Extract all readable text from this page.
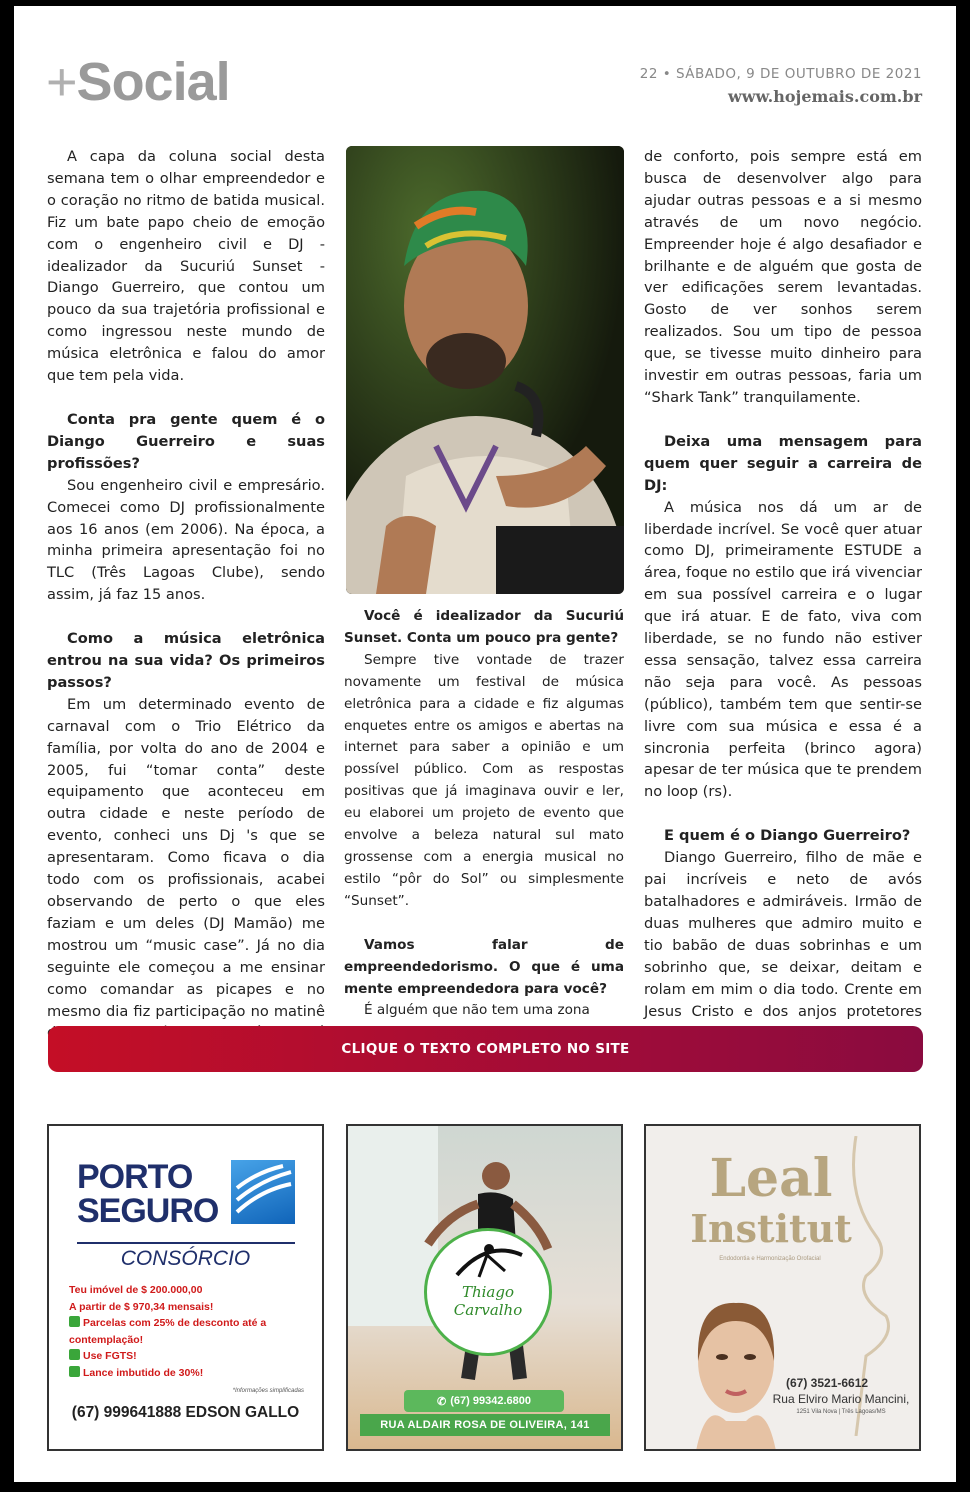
+Social	22 • SÁBADO, 9 DE OUTUBRO DE 2021
www.hojemais.com.br

A capa da coluna social desta semana tem o olhar empreendedor e o coração no ritmo de batida musical. Fiz um bate papo cheio de emoção com o engenheiro civil e DJ - idealizador da Sucuriú Sunset - Diango Guerreiro, que contou um pouco da sua trajetória profissional e como ingressou neste mundo de música eletrônica e falou do amor que tem pela vida.

Conta pra gente quem é o Diango Guerreiro e suas profissões?

Sou engenheiro civil e empresário. Comecei como DJ profissionalmente aos 16 anos (em 2006). Na época, a minha primeira apresentação foi no TLC (Três Lagoas Clube), sendo assim, já faz 15 anos.

Como a música eletrônica entrou na sua vida? Os primeiros passos?

Em um determinado evento de carnaval com o Trio Elétrico da família, por volta do ano de 2004 e 2005, fui “tomar conta” deste equipamento que aconteceu em outra cidade e neste período de evento, conheci uns Dj 's que se apresentaram. Como ficava o dia todo com os profissionais, acabei observando de perto o que eles faziam e um deles (DJ Mamão) me mostrou um “music case”. Já no dia seguinte ele começou a me ensinar como comandar as picapes e no mesmo dia fiz participação no matinê

Você é idealizador da Sucuriú Sunset. Conta um pouco pra gente?

Sempre tive vontade de trazer novamente um festival de música eletrônica para a cidade e fiz algumas enquetes entre os amigos e abertas na internet para saber a opinião e um possível público. Com as respostas positivas que já imaginava ouvir e ler, eu elaborei um projeto de evento que envolve a beleza natural sul mato grossense com a energia musical no estilo “pôr do Sol” ou simplesmente “Sunset”.

Vamos falar de empreendedorismo. O que é uma mente empreendedora para você?

É alguém que não tem uma zona

de conforto, pois sempre está em busca de desenvolver algo para ajudar outras pessoas e a si mesmo através de um novo negócio. Empreender hoje é algo desafiador e brilhante e de alguém que gosta de ver edificações serem levantadas. Gosto de ver sonhos serem realizados. Sou um tipo de pessoa que, se tivesse muito dinheiro para investir em outras pessoas, faria um “Shark Tank” tranquilamente.

Deixa uma mensagem para quem quer seguir a carreira de DJ:

A música nos dá um ar de liberdade incrível. Se você quer atuar como DJ, primeiramente ESTUDE a área, foque no estilo que irá vivenciar em sua possível carreira e o lugar que irá atuar. E de fato, viva com liberdade, se no fundo não estiver essa sensação, talvez essa carreira não seja para você. As pessoas (público), também tem que sentir-se livre com sua música e essa é a sincronia perfeita (brinco agora) apesar de ter música que te prendem no loop (rs).

E quem é o Diango Guerreiro?

Diango Guerreiro, filho de mãe e pai incríveis e neto de avós batalhadores e admiráveis. Irmão de duas mulheres que admiro muito e tio babão de duas sobrinhas e um sobrinho que, se deixar, deitam e rolam em mim o dia todo. Crente em Jesus Cristo e dos anjos protetores

CLIQUE O TEXTO COMPLETO NO SITE
PORTO
SEGURO
CONSÓRCIO
Teu imóvel de $ 200.000,00
A partir de $ 970,34 mensais!
Parcelas com 25% de desconto até a contemplação!
Use FGTS!
Lance imbutido de 30%!
*Informações simplificadas
(67) 999641888 EDSON GALLO
Thiago Carvalho
✆ (67) 99342.6800
RUA ALDAIR ROSA DE OLIVEIRA, 141
Leal
Institut
Endodontia e Harmonização Orofacial
(67) 3521-6612
Rua Elviro Mario Mancini,
1251 Vila Nova | Três Lagoas/MS
